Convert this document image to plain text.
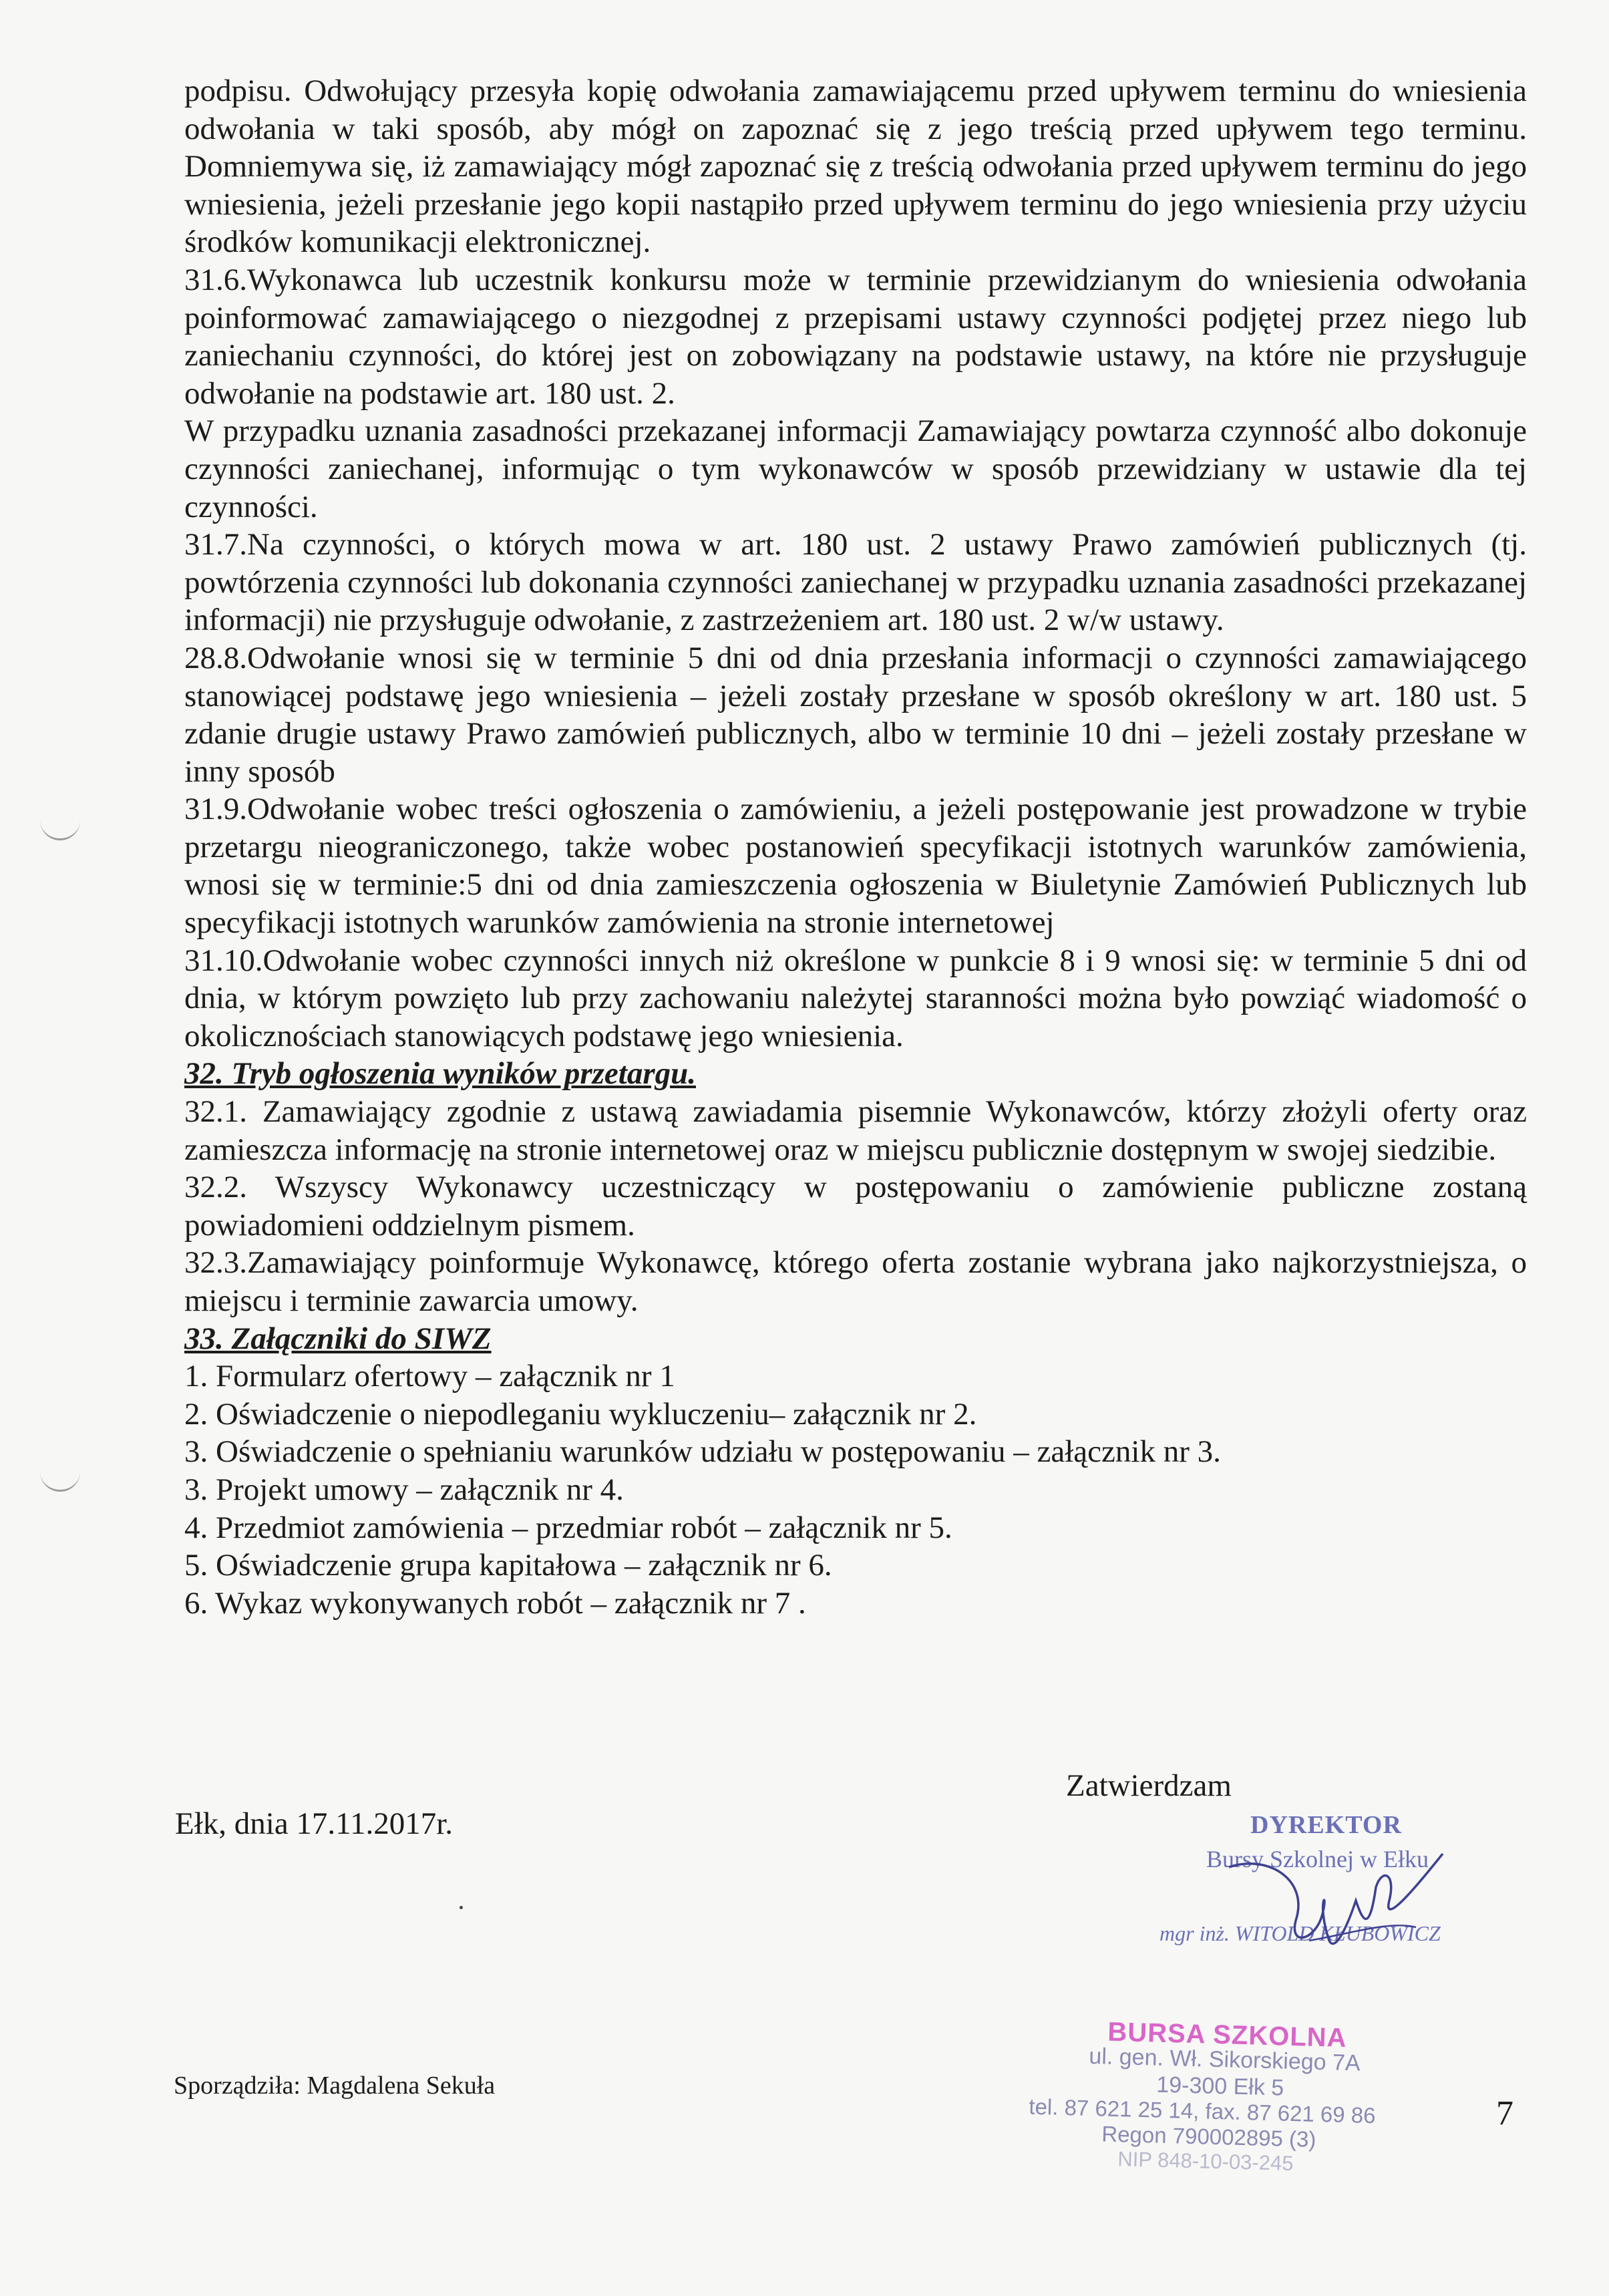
podpisu. Odwołujący przesyła kopię odwołania zamawiającemu przed upływem terminu do wniesienia odwołania w taki sposób, aby mógł on zapoznać się z jego treścią przed upływem tego terminu. Domniemywa się, iż zamawiający mógł zapoznać się z treścią odwołania przed upływem terminu do jego wniesienia, jeżeli przesłanie jego kopii nastąpiło przed upływem terminu do jego wniesienia przy użyciu środków komunikacji elektronicznej.

31.6.Wykonawca lub uczestnik konkursu może w terminie przewidzianym do wniesienia odwołania poinformować zamawiającego o niezgodnej z przepisami ustawy czynności podjętej przez niego lub zaniechaniu czynności, do której jest on zobowiązany na podstawie ustawy, na które nie przysługuje odwołanie na podstawie art. 180 ust. 2.

W przypadku uznania zasadności przekazanej informacji Zamawiający powtarza czynność albo dokonuje czynności zaniechanej, informując o tym wykonawców w sposób przewidziany w ustawie dla tej czynności.

31.7.Na czynności, o których mowa w art. 180 ust. 2 ustawy Prawo zamówień publicznych (tj. powtórzenia czynności lub dokonania czynności zaniechanej w przypadku uznania zasadności przekazanej informacji) nie przysługuje odwołanie, z zastrzeżeniem art. 180 ust. 2 w/w ustawy.

28.8.Odwołanie wnosi się w terminie 5 dni od dnia przesłania informacji o czynności zamawiającego stanowiącej podstawę jego wniesienia – jeżeli zostały przesłane w sposób określony w art. 180 ust. 5 zdanie drugie ustawy Prawo zamówień publicznych, albo w terminie 10 dni – jeżeli zostały przesłane w inny sposób

31.9.Odwołanie wobec treści ogłoszenia o zamówieniu, a jeżeli postępowanie jest prowadzone w trybie przetargu nieograniczonego, także wobec postanowień specyfikacji istotnych warunków zamówienia, wnosi się w terminie:5 dni od dnia zamieszczenia ogłoszenia w Biuletynie Zamówień Publicznych lub specyfikacji istotnych warunków zamówienia na stronie internetowej

31.10.Odwołanie wobec czynności innych niż określone w punkcie 8 i 9 wnosi się: w terminie 5 dni od dnia, w którym powzięto lub przy zachowaniu należytej staranności można było powziąć wiadomość o okolicznościach stanowiących podstawę jego wniesienia.

32. Tryb ogłoszenia wyników przetargu.

32.1. Zamawiający zgodnie z ustawą zawiadamia pisemnie Wykonawców, którzy złożyli oferty oraz zamieszcza informację na stronie internetowej oraz w miejscu publicznie dostępnym w swojej siedzibie.

32.2. Wszyscy Wykonawcy uczestniczący w postępowaniu o zamówienie publiczne zostaną powiadomieni oddzielnym pismem.

32.3.Zamawiający poinformuje Wykonawcę, którego oferta zostanie wybrana jako najkorzystniejsza, o miejscu i terminie zawarcia umowy.

33. Załączniki do SIWZ

1. Formularz ofertowy – załącznik nr 1

2. Oświadczenie o niepodleganiu wykluczeniu– załącznik nr 2.

3. Oświadczenie o spełnianiu warunków udziału w postępowaniu – załącznik nr 3.

3. Projekt umowy – załącznik nr 4.

4. Przedmiot zamówienia – przedmiar robót – załącznik nr 5.

5. Oświadczenie grupa kapitałowa – załącznik nr 6.

6. Wykaz wykonywanych robót – załącznik nr 7 .

Zatwierdzam
Ełk, dnia 17.11.2017r.
Sporządziła: Magdalena Sekuła
7
DYREKTOR
Bursy Szkolnej w Ełku
mgr inż. WITOLD KŁUBOWICZ
BURSA SZKOLNA
ul. gen. Wł. Sikorskiego 7A
19-300 Ełk 5
tel. 87 621 25 14, fax. 87 621 69 86
Regon 790002895 (3)
NIP 848-10-03-245
